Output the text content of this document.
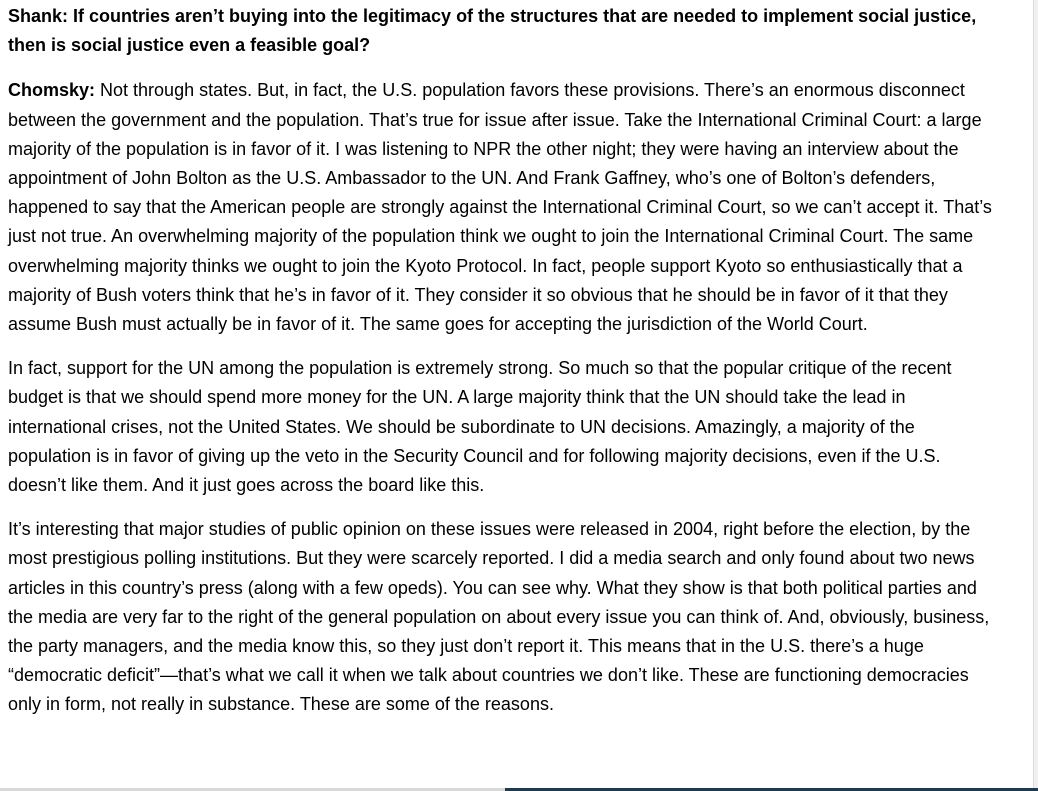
Shank: If countries aren’t buying into the legitimacy of the structures that are needed to implement social justice, then is social justice even a feasible goal?

Chomsky: Not through states. But, in fact, the U.S. population favors these provisions. There’s an enormous disconnect between the government and the population. That’s true for issue after issue. Take the International Criminal Court: a large majority of the population is in favor of it. I was listening to NPR the other night; they were having an interview about the appointment of John Bolton as the U.S. Ambassador to the UN. And Frank Gaffney, who’s one of Bolton’s defenders, happened to say that the American people are strongly against the International Criminal Court, so we can’t accept it. That’s just not true. An overwhelming majority of the population think we ought to join the International Criminal Court. The same overwhelming majority thinks we ought to join the Kyoto Protocol. In fact, people support Kyoto so enthusiastically that a majority of Bush voters think that he’s in favor of it. They consider it so obvious that he should be in favor of it that they assume Bush must actually be in favor of it. The same goes for accepting the jurisdiction of the World Court.

In fact, support for the UN among the population is extremely strong. So much so that the popular critique of the recent budget is that we should spend more money for the UN. A large majority think that the UN should take the lead in international crises, not the United States. We should be subordinate to UN decisions. Amazingly, a majority of the population is in favor of giving up the veto in the Security Council and for following majority decisions, even if the U.S. doesn’t like them. And it just goes across the board like this.

It’s interesting that major studies of public opinion on these issues were released in 2004, right before the election, by the most prestigious polling institutions. But they were scarcely reported. I did a media search and only found about two news articles in this country’s press (along with a few opeds). You can see why. What they show is that both political parties and the media are very far to the right of the general population on about every issue you can think of. And, obviously, business, the party managers, and the media know this, so they just don’t report it. This means that in the U.S. there’s a huge “democratic deficit”—that’s what we call it when we talk about countries we don’t like. These are functioning democracies only in form, not really in substance. These are some of the reasons.
